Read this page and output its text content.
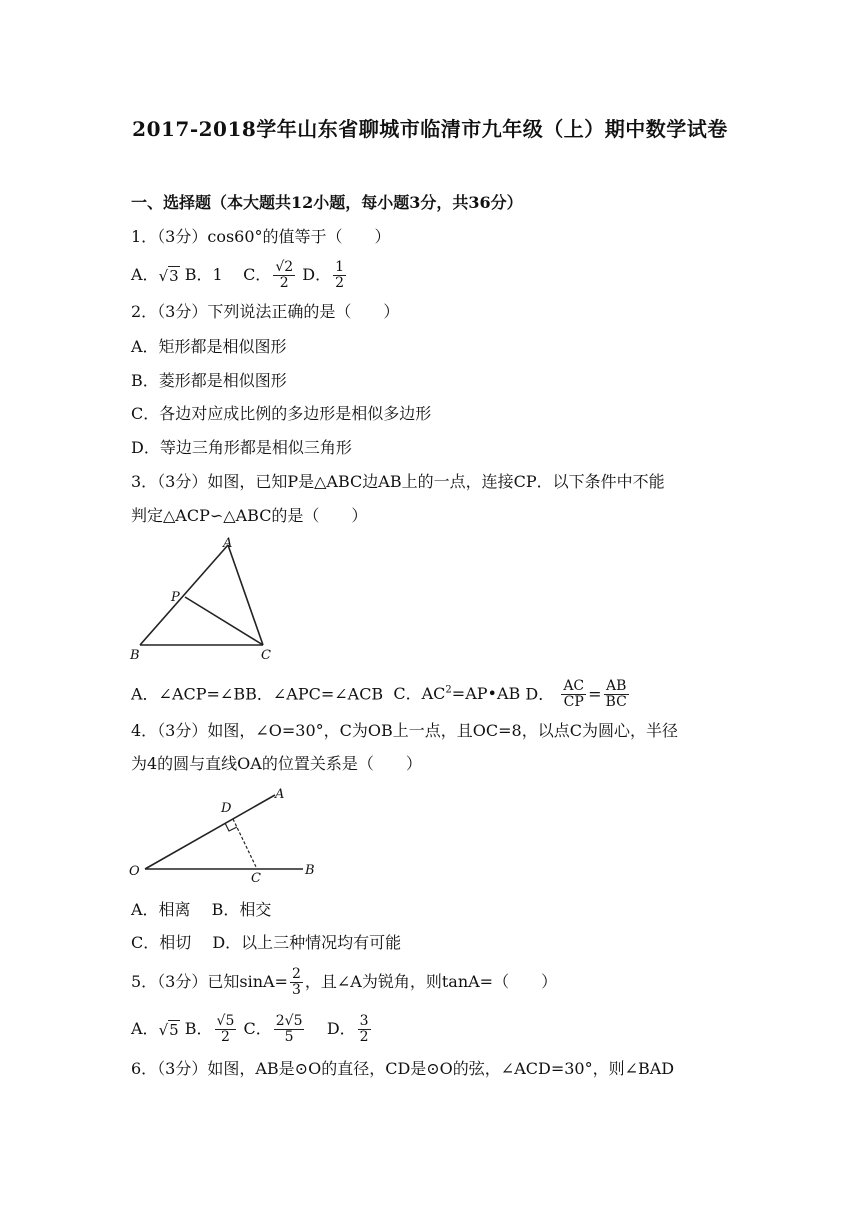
2017-2018学年山东省聊城市临清市九年级（上）期中数学试卷
一、选择题（本大题共12小题，每小题3分，共36分）
1．（3分）cos60°的值等于（　　）
A．√3 B．1 C． $\frac{√2}{2}$ D． $\frac{1}{2}$
2．（3分）下列说法正确的是（　　）
A．矩形都是相似图形
B．菱形都是相似图形
C．各边对应成比例的多边形是相似多边形
D．等边三角形都是相似三角形
3．（3分）如图，已知P是△ABC边AB上的一点，连接CP．以下条件中不能
判定△ACP∽△ABC的是（　　）
A
P
B	C
A．∠ACP=∠BB．∠APC=∠ACB C．$AC^2=AP•AB$ D． $\frac{AC}{CP} = \frac{AB}{BC}$
4．（3分）如图，∠O=30°，C为OB上一点，且OC=8，以点C为圆心，半径
为4的圆与直线OA的位置关系是（　　）
D
A
O	C
B
A．相离　 B．相交
C．相切　 D．以上三种情况均有可能
5．（3分）已知$\sin A= \frac{2}{3}$ ，且∠A为锐角，则tanA=（　　）
A．√5 B． $\frac{√5}{2}$ C． $\frac{2√5}{5}$ D． $\frac{3}{2}$
6．（3分）如图，AB是⊙O的直径，CD是⊙O的弦，∠ACD=30°，则∠BAD
